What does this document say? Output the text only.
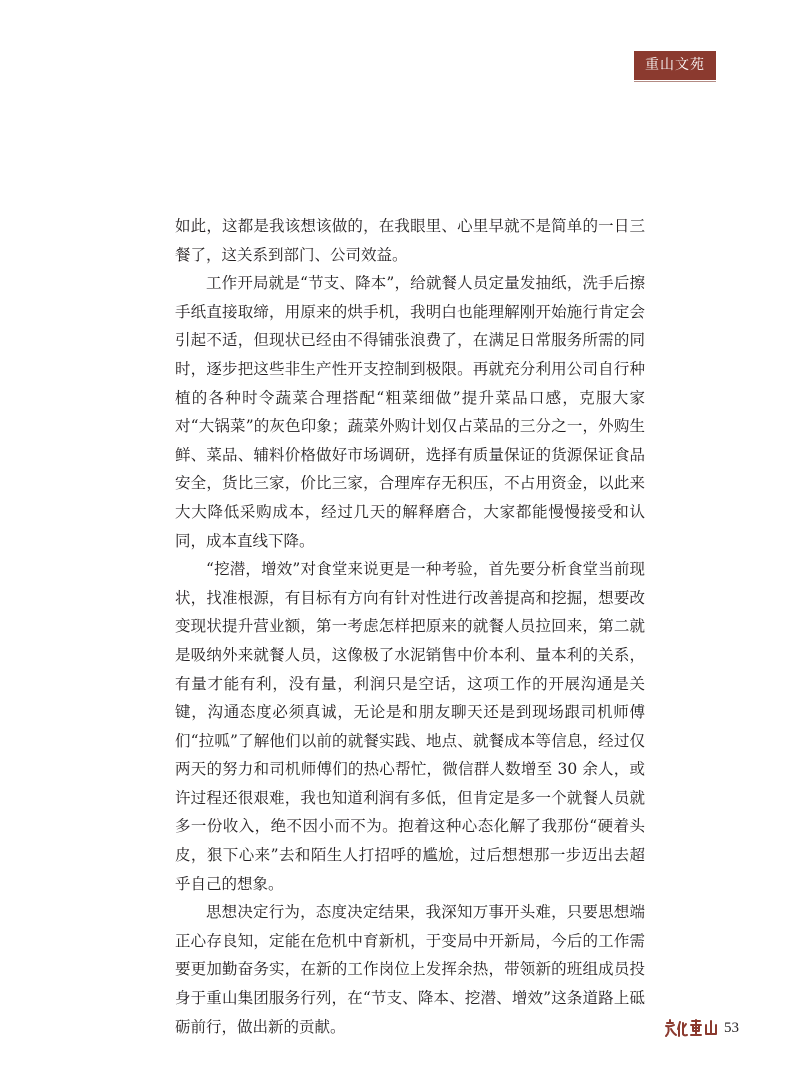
重山文苑

如此，这都是我该想该做的，在我眼里、心里早就不是简单的一日三餐了，这关系到部门、公司效益。

工作开局就是“节支、降本”，给就餐人员定量发抽纸，洗手后擦手纸直接取缔，用原来的烘手机，我明白也能理解刚开始施行肯定会引起不适，但现状已经由不得铺张浪费了，在满足日常服务所需的同时，逐步把这些非生产性开支控制到极限。再就充分利用公司自行种植的各种时令蔬菜合理搭配“粗菜细做”提升菜品口感，克服大家对“大锅菜”的灰色印象；蔬菜外购计划仅占菜品的三分之一，外购生鲜、菜品、辅料价格做好市场调研，选择有质量保证的货源保证食品安全，货比三家，价比三家，合理库存无积压，不占用资金，以此来大大降低采购成本，经过几天的解释磨合，大家都能慢慢接受和认同，成本直线下降。

“挖潜，增效”对食堂来说更是一种考验，首先要分析食堂当前现状，找准根源，有目标有方向有针对性进行改善提高和挖掘，想要改变现状提升营业额，第一考虑怎样把原来的就餐人员拉回来，第二就是吸纳外来就餐人员，这像极了水泥销售中价本利、量本利的关系，有量才能有利，没有量，利润只是空话，这项工作的开展沟通是关键，沟通态度必须真诚，无论是和朋友聊天还是到现场跟司机师傅们“拉呱”了解他们以前的就餐实践、地点、就餐成本等信息，经过仅两天的努力和司机师傅们的热心帮忙，微信群人数增至 30 余人，或许过程还很艰难，我也知道利润有多低，但肯定是多一个就餐人员就多一份收入，绝不因小而不为。抱着这种心态化解了我那份“硬着头皮，狠下心来”去和陌生人打招呼的尴尬，过后想想那一步迈出去超乎自己的想象。

思想决定行为，态度决定结果，我深知万事开头难，只要思想端正心存良知，定能在危机中育新机，于变局中开新局，今后的工作需要更加勤奋务实，在新的工作岗位上发挥余热，带领新的班组成员投身于重山集团服务行列，在“节支、降本、挖潜、增效”这条道路上砥砺前行，做出新的贡献。	53
